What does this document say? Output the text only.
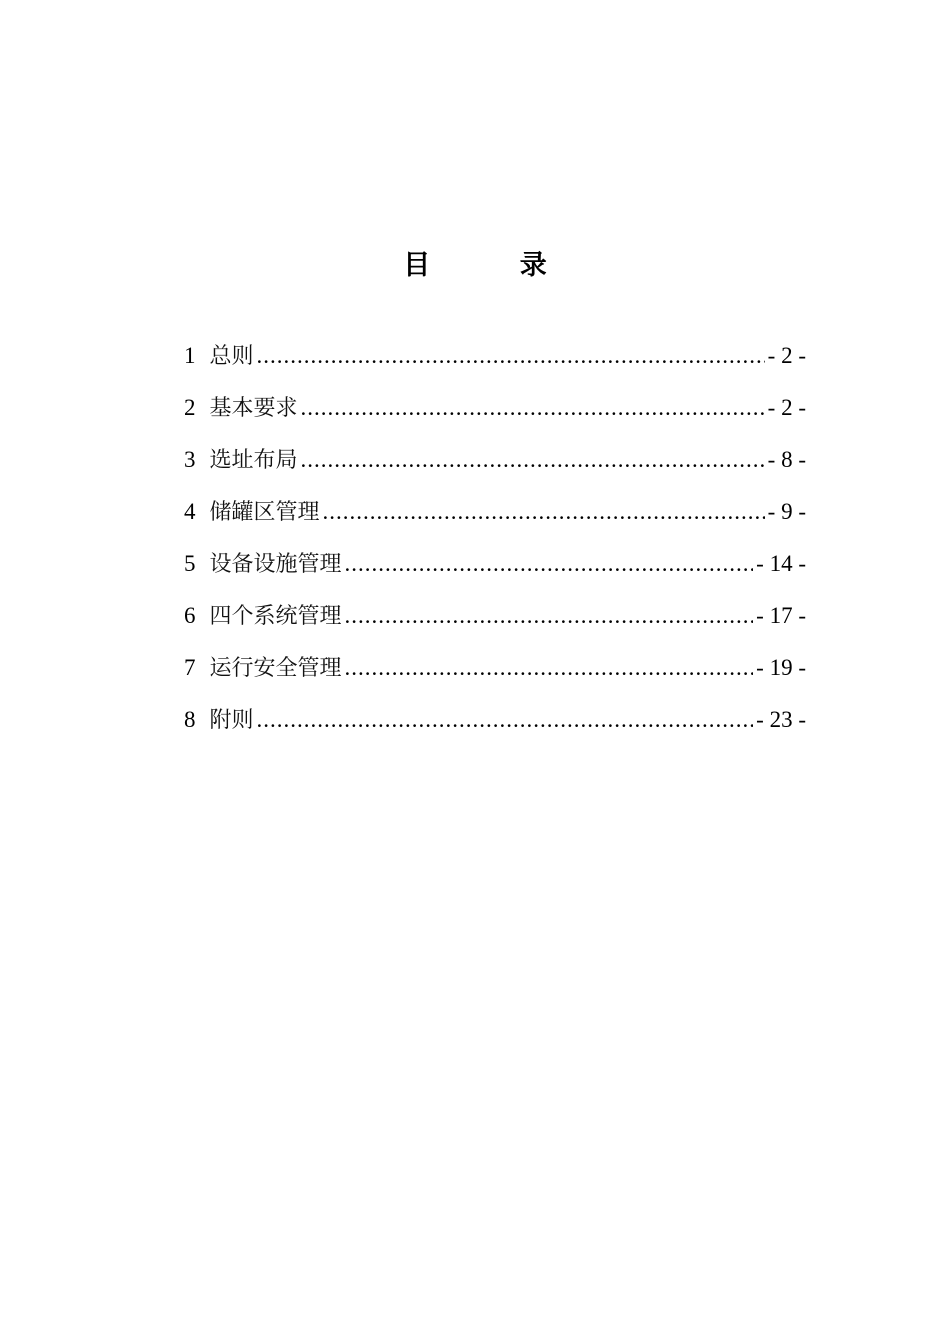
目 录
1 总则 .....	- 2 -
2 基本要求 .....	- 2 -
3 选址布局 .....	- 8 -
4 储罐区管理 .....	- 9 -
5 设备设施管理 .....	- 14 -
6 四个系统管理 .....	- 17 -
7 运行安全管理 .....	- 19 -
8 附则 .....	- 23 -
